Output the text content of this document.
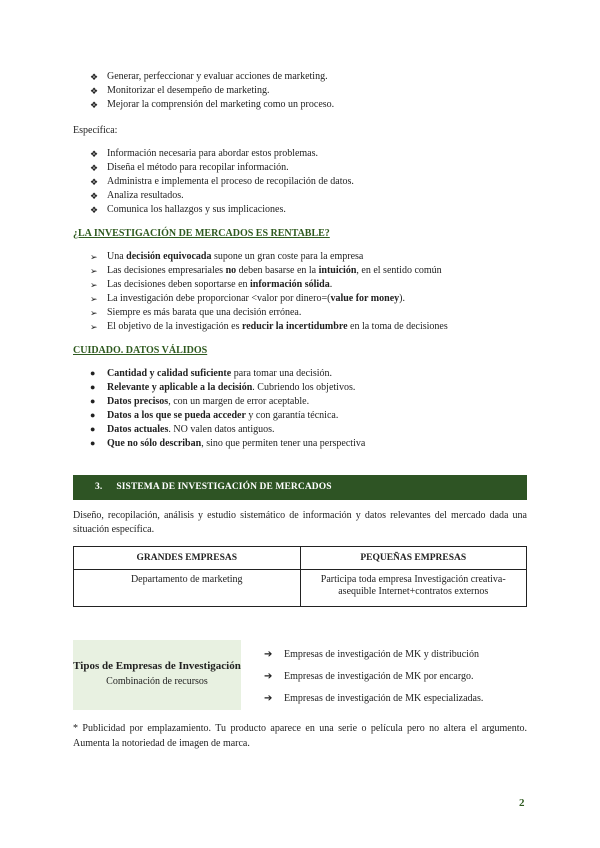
❖ Generar, perfeccionar y evaluar acciones de marketing.
❖ Monitorizar el desempeño de marketing.
❖ Mejorar la comprensión del marketing como un proceso.
Específica:
❖ Información necesaria para abordar estos problemas.
❖ Diseña el método para recopilar información.
❖ Administra e implementa el proceso de recopilación de datos.
❖ Analiza resultados.
❖ Comunica los hallazgos y sus implicaciones.
¿LA INVESTIGACIÓN DE MERCADOS ES RENTABLE?
➢ Una decisión equivocada supone un gran coste para la empresa
➢ Las decisiones empresariales no deben basarse en la intuición, en el sentido común
➢ Las decisiones deben soportarse en información sólida.
➢ La investigación debe proporcionar <valor por dinero=(value for money).
➢ Siempre es más barata que una decisión errónea.
➢ El objetivo de la investigación es reducir la incertidumbre en la toma de decisiones
CUIDADO. DATOS VÁLIDOS
● Cantidad y calidad suficiente para tomar una decisión.
● Relevante y aplicable a la decisión. Cubriendo los objetivos.
● Datos precisos, con un margen de error aceptable.
● Datos a los que se pueda acceder y con garantía técnica.
● Datos actuales. NO valen datos antiguos.
● Que no sólo describan, sino que permiten tener una perspectiva
3. SISTEMA DE INVESTIGACIÓN DE MERCADOS
Diseño, recopilación, análisis y estudio sistemático de información y datos relevantes del mercado dada una situación específica.
GRANDES EMPRESAS	PEQUEÑAS EMPRESAS
Departamento de marketing	Participa toda empresa Investigación creativa-asequible Internet+contratos externos
Tipos de Empresas de Investigación
Combinación de recursos
➔ Empresas de investigación de MK y distribución
➔ Empresas de investigación de MK por encargo.
➔ Empresas de investigación de MK especializadas.
* Publicidad por emplazamiento. Tu producto aparece en una serie o película pero no altera el argumento. Aumenta la notoriedad de imagen de marca.
2
